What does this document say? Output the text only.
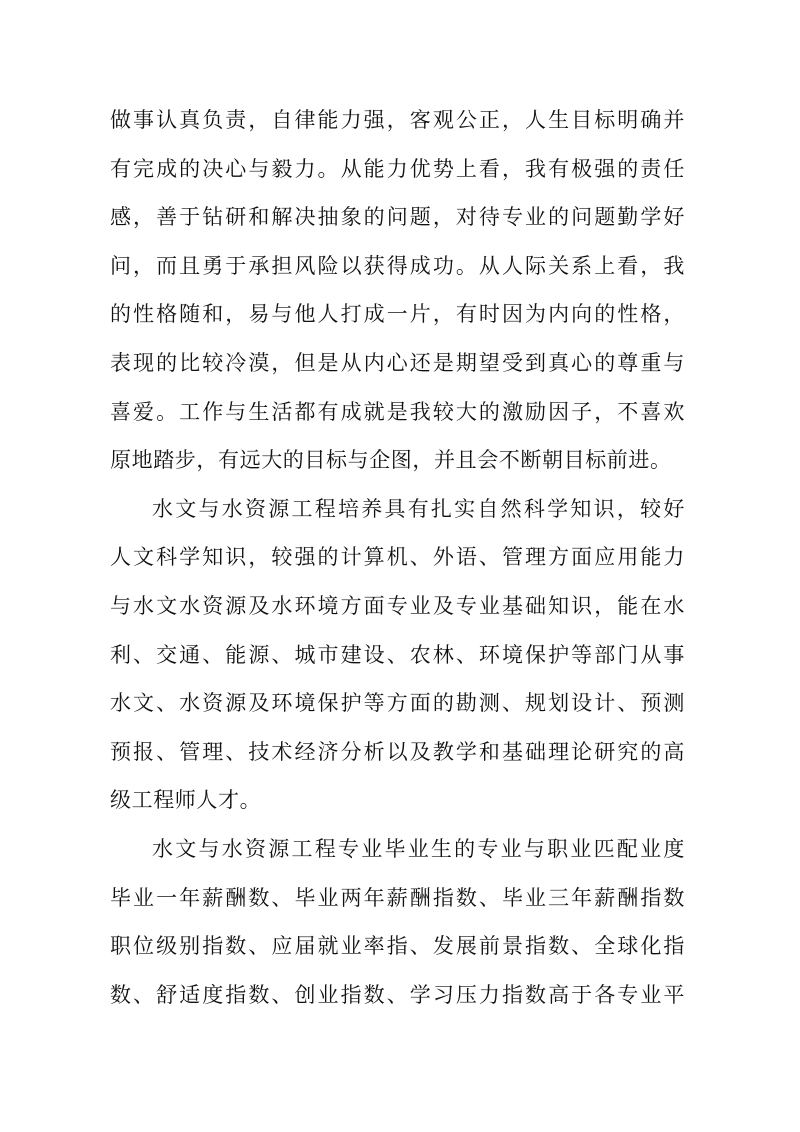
做事认真负责，自律能力强，客观公正，人生目标明确并
有完成的决心与毅力。从能力优势上看，我有极强的责任
感，善于钻研和解决抽象的问题，对待专业的问题勤学好
问，而且勇于承担风险以获得成功。从人际关系上看，我
的性格随和，易与他人打成一片，有时因为内向的性格，
表现的比较冷漠，但是从内心还是期望受到真心的尊重与
喜爱。工作与生活都有成就是我较大的激励因子，不喜欢
原地踏步，有远大的目标与企图，并且会不断朝目标前进。

水文与水资源工程培养具有扎实自然科学知识，较好
人文科学知识，较强的计算机、外语、管理方面应用能力
与水文水资源及水环境方面专业及专业基础知识，能在水
利、交通、能源、城市建设、农林、环境保护等部门从事
水文、水资源及环境保护等方面的勘测、规划设计、预测
预报、管理、技术经济分析以及教学和基础理论研究的高
级工程师人才。

水文与水资源工程专业毕业生的专业与职业匹配业度
毕业一年薪酬数、毕业两年薪酬指数、毕业三年薪酬指数
职位级别指数、应届就业率指、发展前景指数、全球化指
数、舒适度指数、创业指数、学习压力指数高于各专业平
